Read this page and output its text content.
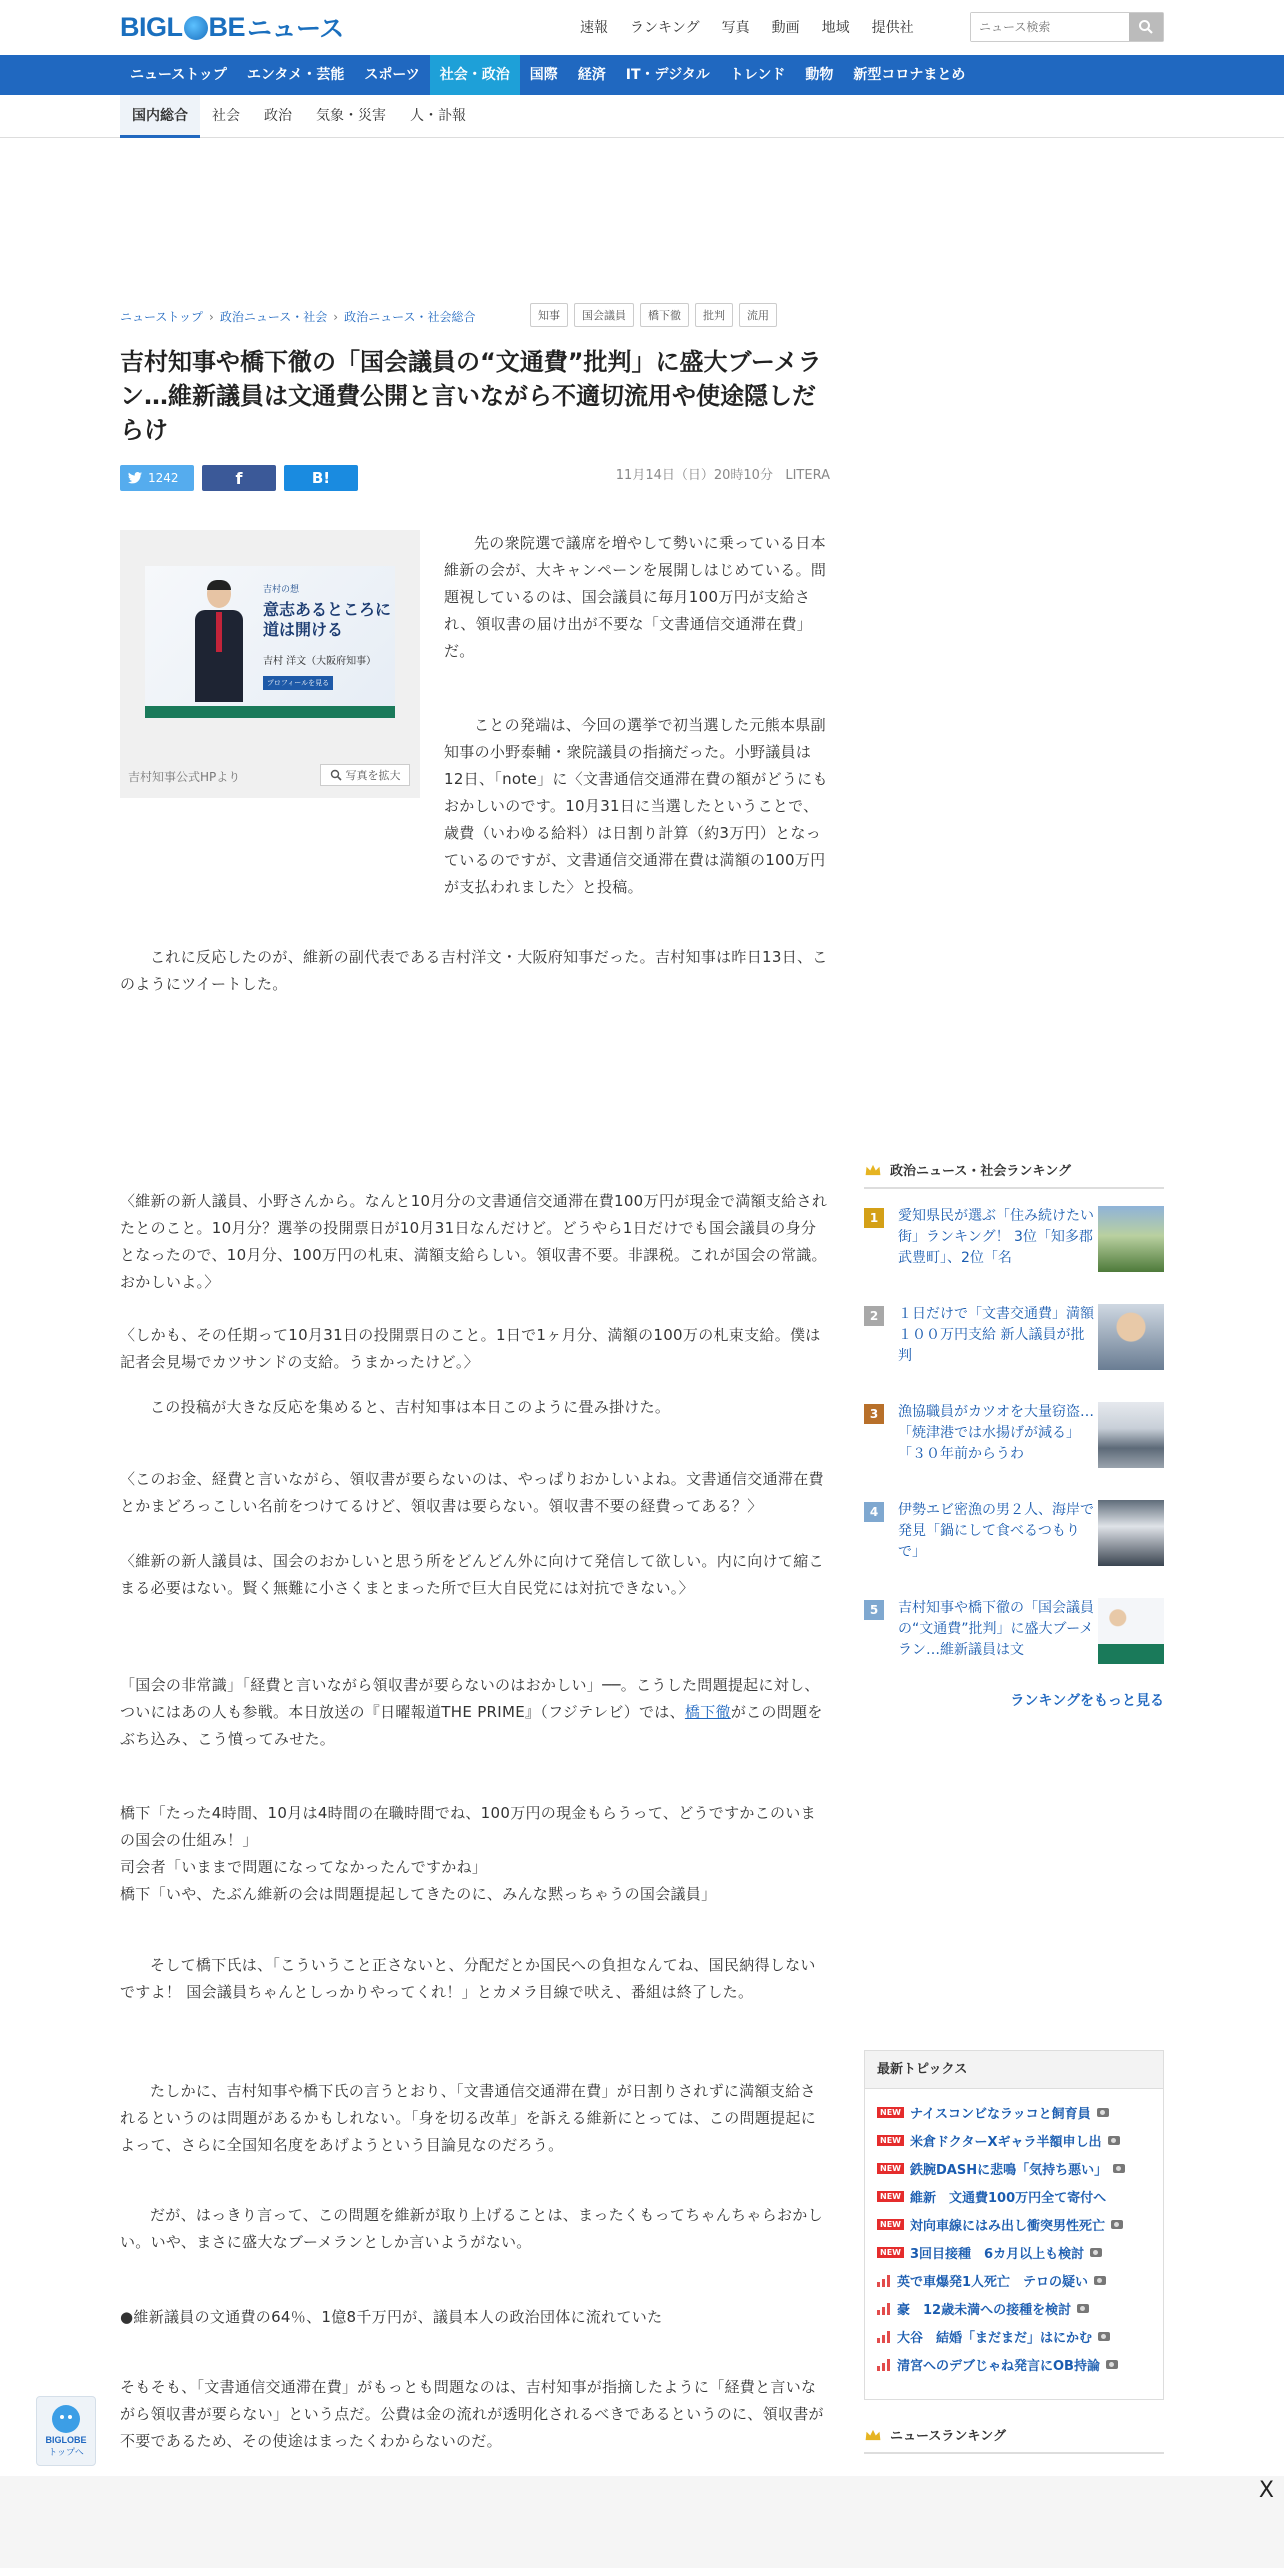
BIGL BE ニュース	速報 ランキング 写真 動画 地域 提供社
ニュース検索
ニューストップ	エンタメ・芸能	スポーツ	社会・政治	国際	経済	IT・デジタル	トレンド	動物	新型コロナまとめ
国内総合	社会	政治	気象・災害	人・訃報
ニューストップ › 政治ニュース・社会 › 政治ニュース・社会総合	知事	国会議員	橋下徹	批判	流用
吉村知事や橋下徹の「国会議員の“文通費”批判」に盛大ブーメラン…維新議員は文通費公開と言いながら不適切流用や使途隠しだらけ
1242	f	B!	11月14日（日）20時10分 LITERA
吉村の想
意志あるところに
道は開ける
吉村 洋文（大阪府知事）
プロフィールを見る
吉村知事公式HPより	写真を拡大

先の衆院選で議席を増やして勢いに乗っている日本維新の会が、大キャンペーンを展開しはじめている。問題視しているのは、国会議員に毎月100万円が支給され、領収書の届け出が不要な「文書通信交通滞在費」だ。

ことの発端は、今回の選挙で初当選した元熊本県副知事の小野泰輔・衆院議員の指摘だった。小野議員は12日、「note」に〈文書通信交通滞在費の額がどうにもおかしいのです。10月31日に当選したということで、歳費（いわゆる給料）は日割り計算（約3万円）となっているのですが、文書通信交通滞在費は満額の100万円が支払われました〉と投稿。

これに反応したのが、維新の副代表である吉村洋文・大阪府知事だった。吉村知事は昨日13日、このようにツイートした。

〈維新の新人議員、小野さんから。なんと10月分の文書通信交通滞在費100万円が現金で満額支給されたとのこと。10月分？選挙の投開票日が10月31日なんだけど。どうやら1日だけでも国会議員の身分となったので、10月分、100万円の札束、満額支給らしい。領収書不要。非課税。これが国会の常識。おかしいよ。〉

〈しかも、その任期って10月31日の投開票日のこと。1日で1ヶ月分、満額の100万の札束支給。僕は記者会見場でカツサンドの支給。うまかったけど。〉

この投稿が大きな反応を集めると、吉村知事は本日このように畳み掛けた。

〈このお金、経費と言いながら、領収書が要らないのは、やっぱりおかしいよね。文書通信交通滞在費とかまどろっこしい名前をつけてるけど、領収書は要らない。領収書不要の経費ってある？〉

〈維新の新人議員は、国会のおかしいと思う所をどんどん外に向けて発信して欲しい。内に向けて縮こまる必要はない。賢く無難に小さくまとまった所で巨大自民党には対抗できない。〉

「国会の非常識」「経費と言いながら領収書が要らないのはおかしい」──。こうした問題提起に対し、ついにはあの人も参戦。本日放送の『日曜報道THE PRIME』（フジテレビ）では、橋下徹がこの問題をぶち込み、こう憤ってみせた。

橋下「たった4時間、10月は4時間の在職時間でね、100万円の現金もらうって、どうですかこのいまの国会の仕組み！」

司会者「いままで問題になってなかったんですかね」

橋下「いや、たぶん維新の会は問題提起してきたのに、みんな黙っちゃうの国会議員」

そして橋下氏は、「こういうこと正さないと、分配だとか国民への負担なんてね、国民納得しないですよ！ 国会議員ちゃんとしっかりやってくれ！」とカメラ目線で吠え、番組は終了した。

たしかに、吉村知事や橋下氏の言うとおり、「文書通信交通滞在費」が日割りされずに満額支給されるというのは問題があるかもしれない。「身を切る改革」を訴える維新にとっては、この問題提起によって、さらに全国知名度をあげようという目論見なのだろう。

だが、はっきり言って、この問題を維新が取り上げることは、まったくもってちゃんちゃらおかしい。いや、まさに盛大なブーメランとしか言いようがない。

●維新議員の文通費の64％、1億8千万円が、議員本人の政治団体に流れていた

そもそも、「文書通信交通滞在費」がもっとも問題なのは、吉村知事が指摘したように「経費と言いながら領収書が要らない」という点だ。公費は金の流れが透明化されるべきであるというのに、領収書が不要であるため、その使途はまったくわからないのだ。

政治ニュース・社会ランキング
1	愛知県民が選ぶ「住み続けたい街」ランキング！ 3位「知多郡武豊町」、2位「名
2	１日だけで「文書交通費」満額１００万円支給 新人議員が批判
3	漁協職員がカツオを大量窃盗…「焼津港では水揚げが減る」「３０年前からうわ
4	伊勢エビ密漁の男２人、海岸で発見「鍋にして食べるつもりで」
5	吉村知事や橋下徹の「国会議員の“文通費”批判」に盛大ブーメラン…維新議員は文
ランキングをもっと見る
最新トピックス
NEW ナイスコンビなラッコと飼育員
NEW 米倉ドクターXギャラ半額申し出
NEW 鉄腕DASHに悲鳴「気持ち悪い」
NEW 維新　文通費100万円全て寄付へ
NEW 対向車線にはみ出し衝突男性死亡
NEW 3回目接種　6カ月以上も検討
英で車爆発1人死亡　テロの疑い
豪　12歳未満への接種を検討
大谷　結婚「まだまだ」はにかむ
清宮へのデブじゃね発言にOB持論
ニュースランキング
BIGLOBE
トップへ
X
